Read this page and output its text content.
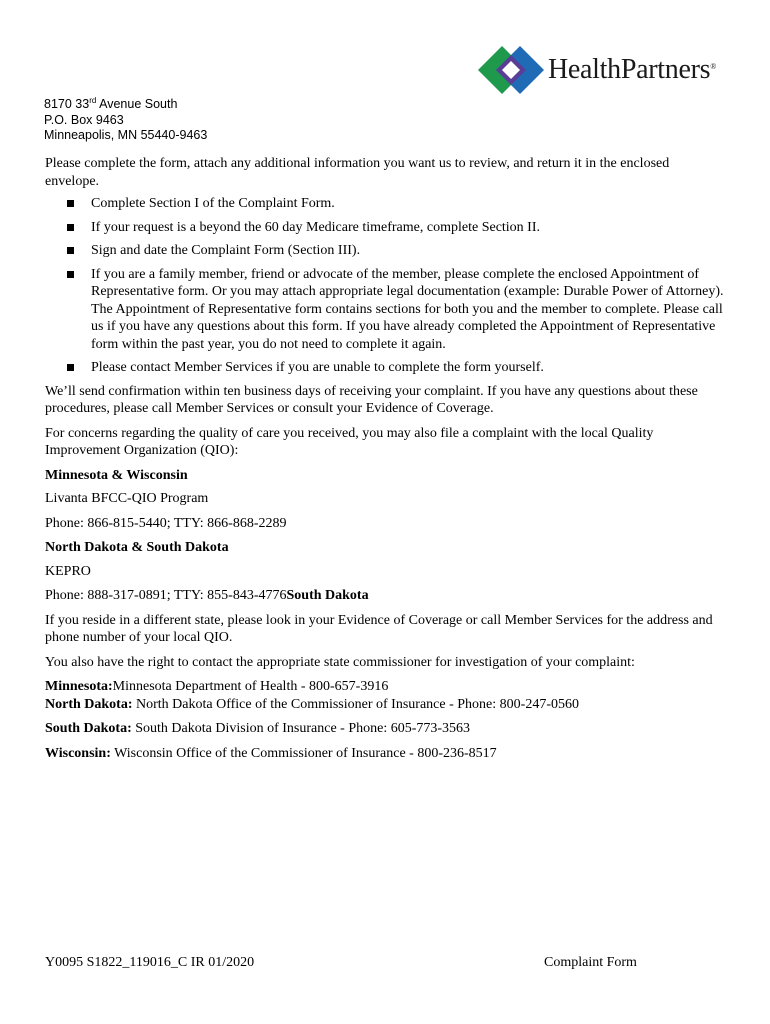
HealthPartners®
8170 33rd Avenue South
P.O. Box 9463
Minneapolis, MN 55440-9463

Please complete the form, attach any additional information you want us to review, and return it in the enclosed envelope.

Complete Section I of the Complaint Form.
If your request is a beyond the 60 day Medicare timeframe, complete Section II.
Sign and date the Complaint Form (Section III).
If you are a family member, friend or advocate of the member, please complete the enclosed Appointment of Representative form. Or you may attach appropriate legal documentation (example: Durable Power of Attorney). The Appointment of Representative form contains sections for both you and the member to complete. Please call us if you have any questions about this form. If you have already completed the Appointment of Representative form within the past year, you do not need to complete it again.
Please contact Member Services if you are unable to complete the form yourself.

We’ll send confirmation within ten business days of receiving your complaint. If you have any questions about these procedures, please call Member Services or consult your Evidence of Coverage.

For concerns regarding the quality of care you received, you may also file a complaint with the local Quality Improvement Organization (QIO):

Minnesota & Wisconsin

Livanta BFCC-QIO Program

Phone: 866-815-5440; TTY: 866-868-2289

North Dakota & South Dakota

KEPRO

Phone: 888-317-0891; TTY: 855-843-4776South Dakota

If you reside in a different state, please look in your Evidence of Coverage or call Member Services for the address and phone number of your local QIO.

You also have the right to contact the appropriate state commissioner for investigation of your complaint:

Minnesota:Minnesota Department of Health - 800-657-3916

North Dakota: North Dakota Office of the Commissioner of Insurance - Phone: 800-247-0560

South Dakota: South Dakota Division of Insurance - Phone: 605-773-3563

Wisconsin: Wisconsin Office of the Commissioner of Insurance - 800-236-8517

Y0095 S1822_119016_C IR 01/2020	Complaint Form
